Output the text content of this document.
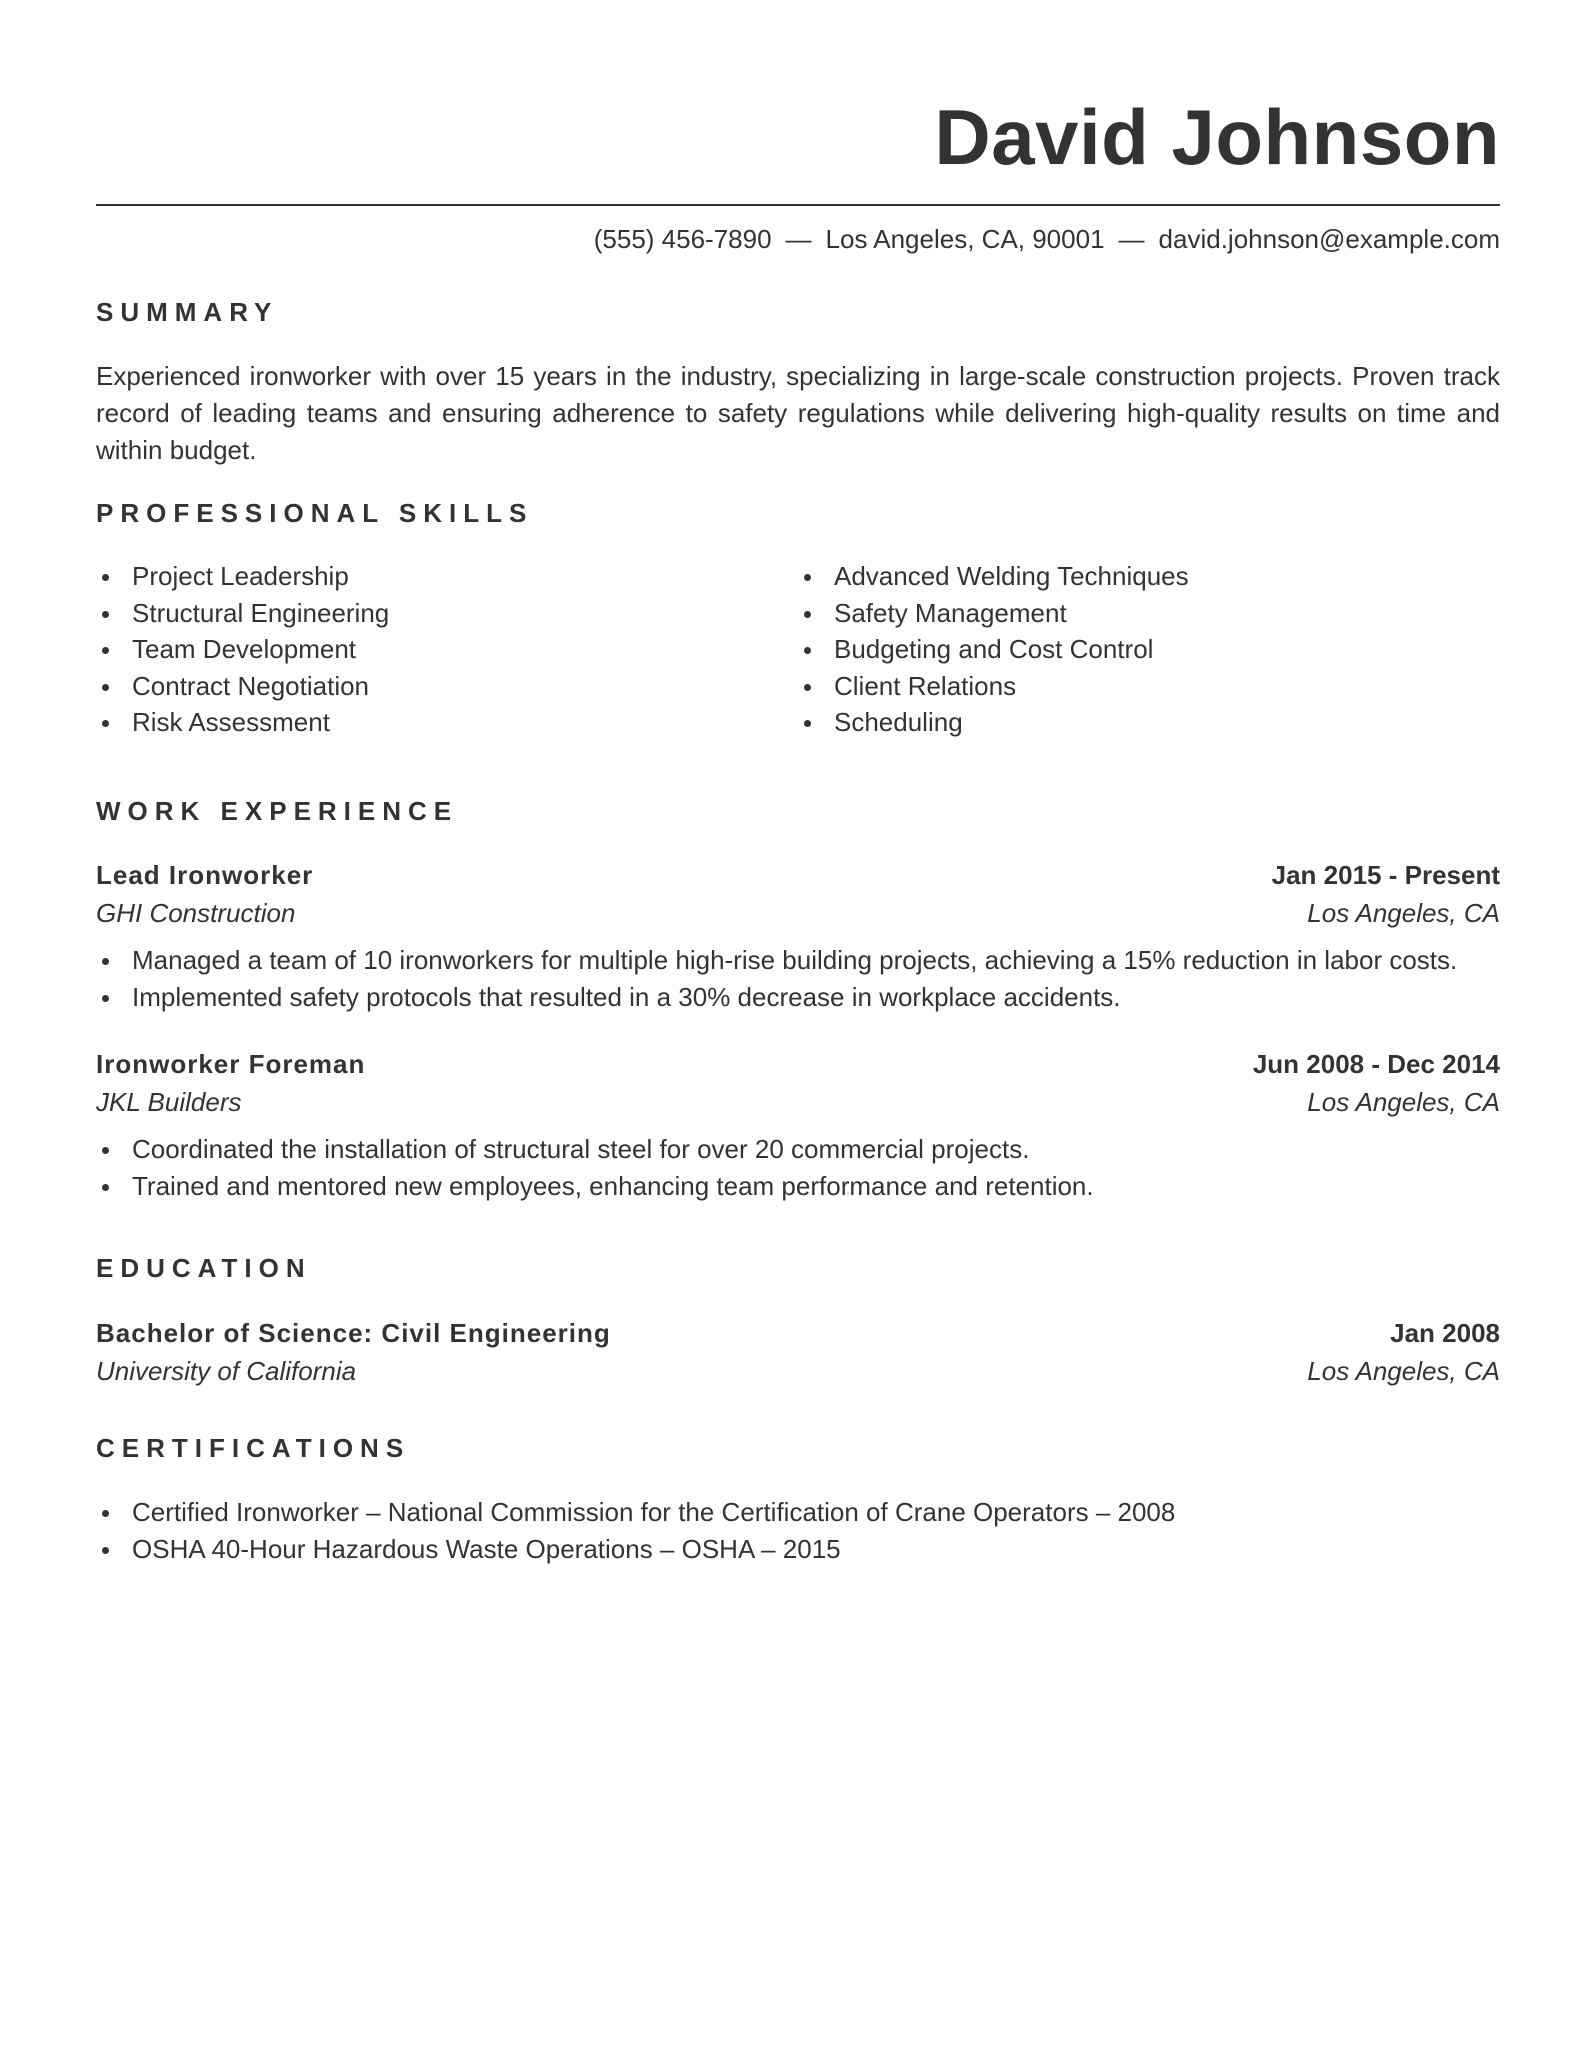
David Johnson
(555) 456-7890 — Los Angeles, CA, 90001 — david.johnson@example.com
SUMMARY

Experienced ironworker with over 15 years in the industry, specializing in large-scale construction projects. Proven track record of leading teams and ensuring adherence to safety regulations while delivering high-quality results on time and within budget.

PROFESSIONAL SKILLS
Project Leadership
Structural Engineering
Team Development
Contract Negotiation
Risk Assessment
Advanced Welding Techniques
Safety Management
Budgeting and Cost Control
Client Relations
Scheduling
WORK EXPERIENCE
Lead Ironworker	Jan 2015 - Present
GHI Construction	Los Angeles, CA
Managed a team of 10 ironworkers for multiple high-rise building projects, achieving a 15% reduction in labor costs.
Implemented safety protocols that resulted in a 30% decrease in workplace accidents.
Ironworker Foreman	Jun 2008 - Dec 2014
JKL Builders	Los Angeles, CA
Coordinated the installation of structural steel for over 20 commercial projects.
Trained and mentored new employees, enhancing team performance and retention.
EDUCATION
Bachelor of Science: Civil Engineering	Jan 2008
University of California	Los Angeles, CA
CERTIFICATIONS
Certified Ironworker – National Commission for the Certification of Crane Operators – 2008
OSHA 40-Hour Hazardous Waste Operations – OSHA – 2015
